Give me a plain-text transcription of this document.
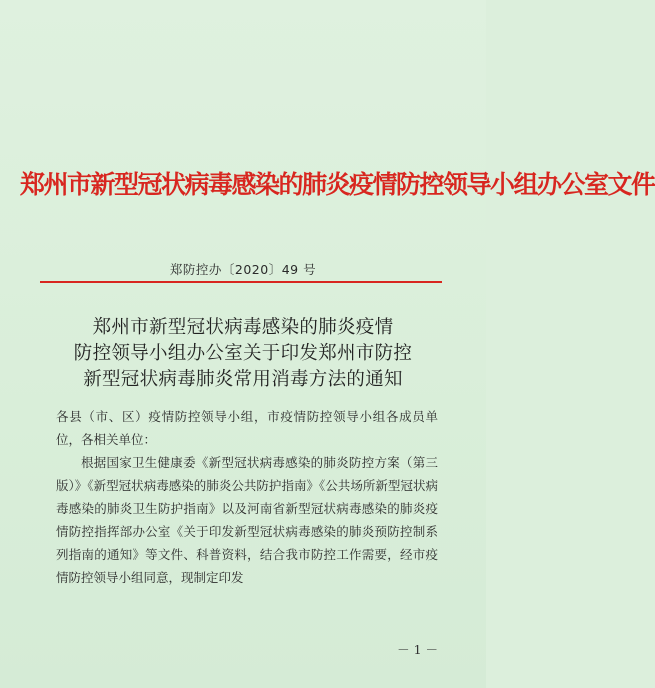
郑州市新型冠状病毒感染的肺炎疫情防控领导小组办公室文件
郑防控办〔2020〕49 号
郑州市新型冠状病毒感染的肺炎疫情
防控领导小组办公室关于印发郑州市防控
新型冠状病毒肺炎常用消毒方法的通知

各县（市、区）疫情防控领导小组，市疫情防控领导小组各成员单位，各相关单位：

根据国家卫生健康委《新型冠状病毒感染的肺炎防控方案（第三版）》《新型冠状病毒感染的肺炎公共防护指南》《公共场所新型冠状病毒感染的肺炎卫生防护指南》以及河南省新型冠状病毒感染的肺炎疫情防控指挥部办公室《关于印发新型冠状病毒感染的肺炎预防控制系列指南的通知》等文件、科普资料，结合我市防控工作需要，经市疫情防控领导小组同意，现制定印发

－ 1 －
